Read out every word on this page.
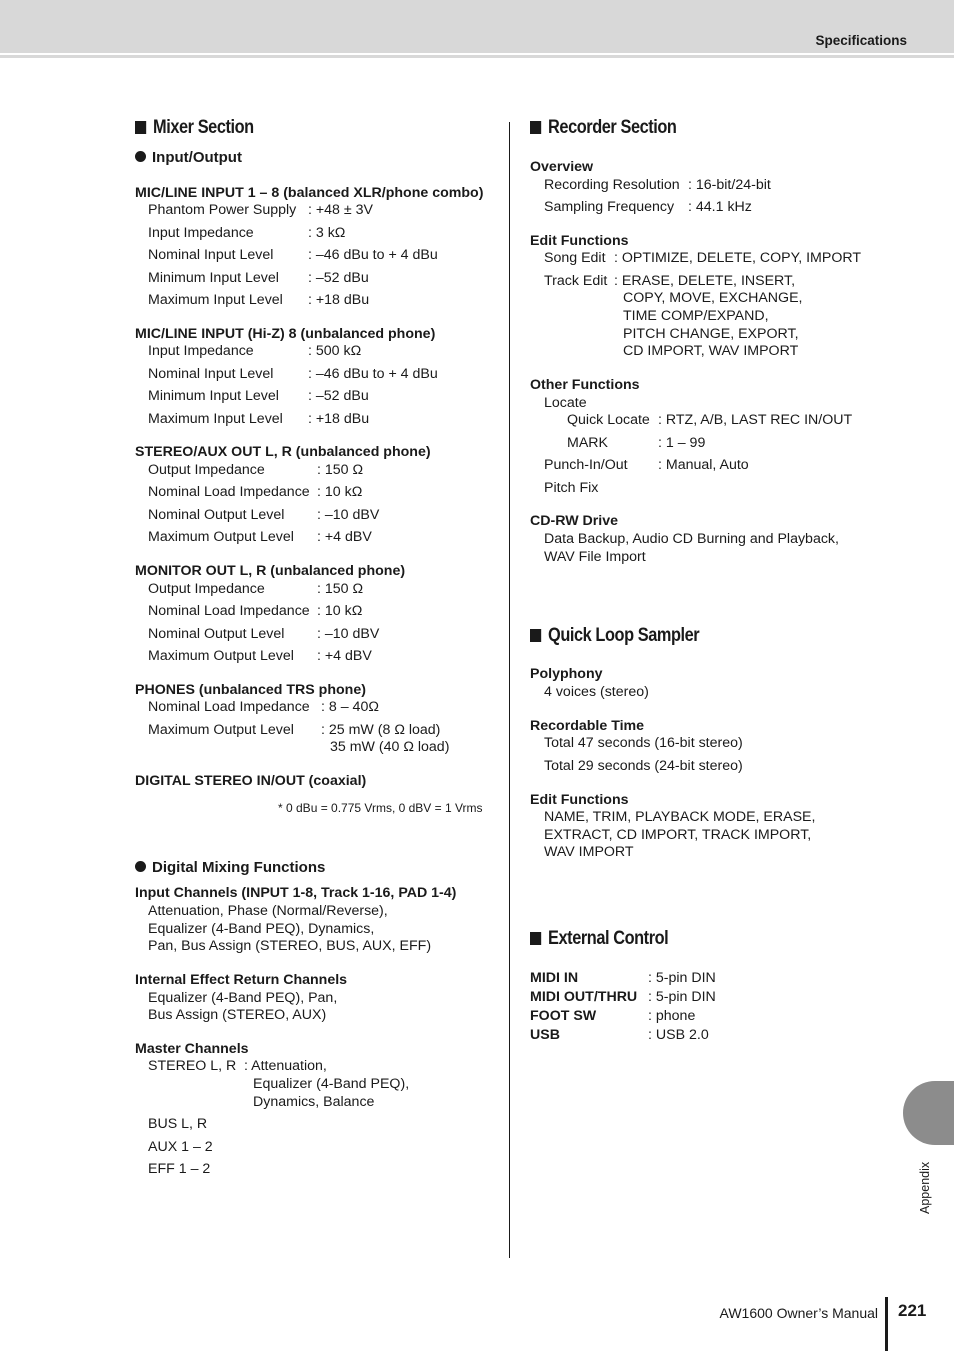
Specifications
Mixer Section
Input/Output
MIC/LINE INPUT 1 – 8 (balanced XLR/phone combo)
Phantom Power Supply : +48 ± 3V
Input Impedance	: 3 kΩ
Nominal Input Level : –46 dBu to + 4 dBu
Minimum Input Level : –52 dBu
Maximum Input Level : +18 dBu
MIC/LINE INPUT (Hi-Z) 8 (unbalanced phone)
Input Impedance	: 500 kΩ
Nominal Input Level : –46 dBu to + 4 dBu
Minimum Input Level : –52 dBu
Maximum Input Level : +18 dBu
STEREO/AUX OUT L, R (unbalanced phone)
Output Impedance	: 150 Ω
Nominal Load Impedance : 10 kΩ
Nominal Output Level : –10 dBV
Maximum Output Level : +4 dBV
MONITOR OUT L, R (unbalanced phone)
Output Impedance	: 150 Ω
Nominal Load Impedance : 10 kΩ
Nominal Output Level : –10 dBV
Maximum Output Level : +4 dBV
PHONES (unbalanced TRS phone)
Nominal Load Impedance : 8 – 40Ω
Maximum Output Level : 25 mW (8 Ω load)
35 mW (40 Ω load)
DIGITAL STEREO IN/OUT (coaxial)
* 0 dBu = 0.775 Vrms, 0 dBV = 1 Vrms
Digital Mixing Functions
Input Channels (INPUT 1-8, Track 1-16, PAD 1-4)
Attenuation, Phase (Normal/Reverse),
Equalizer (4-Band PEQ), Dynamics,
Pan, Bus Assign (STEREO, BUS, AUX, EFF)
Internal Effect Return Channels
Equalizer (4-Band PEQ), Pan,
Bus Assign (STEREO, AUX)
Master Channels
STEREO L, R : Attenuation,
Equalizer (4-Band PEQ),
Dynamics, Balance
BUS L, R
AUX 1 – 2
EFF 1 – 2
Recorder Section
Overview
Recording Resolution : 16-bit/24-bit
Sampling Frequency : 44.1 kHz
Edit Functions
Song Edit : OPTIMIZE, DELETE, COPY, IMPORT
Track Edit : ERASE, DELETE, INSERT,
COPY, MOVE, EXCHANGE,
TIME COMP/EXPAND,
PITCH CHANGE, EXPORT,
CD IMPORT, WAV IMPORT
Other Functions
Locate
Quick Locate : RTZ, A/B, LAST REC IN/OUT
MARK	: 1 – 99
Punch-In/Out : Manual, Auto
Pitch Fix
CD-RW Drive
Data Backup, Audio CD Burning and Playback,
WAV File Import
Quick Loop Sampler
Polyphony
4 voices (stereo)
Recordable Time
Total 47 seconds (16-bit stereo)
Total 29 seconds (24-bit stereo)
Edit Functions
NAME, TRIM, PLAYBACK MODE, ERASE,
EXTRACT, CD IMPORT, TRACK IMPORT,
WAV IMPORT
External Control
MIDI IN	: 5-pin DIN
MIDI OUT/THRU : 5-pin DIN
FOOT SW	: phone
USB	: USB 2.0
Appendix
AW1600 Owner’s Manual 221
